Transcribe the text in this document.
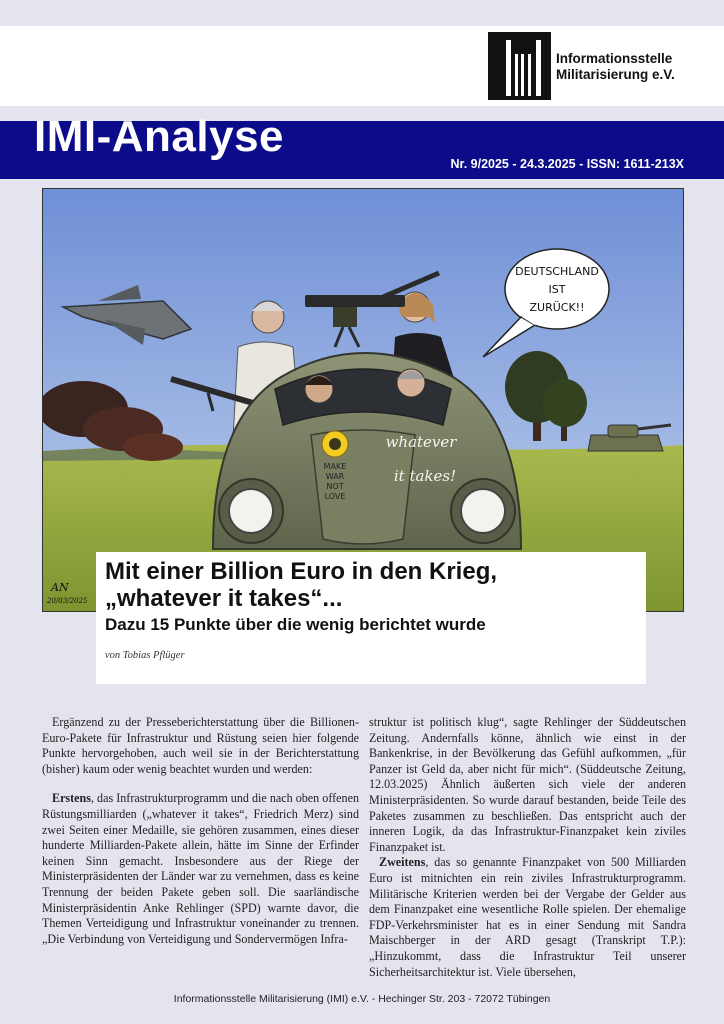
Informationsstelle
Militarisierung e.V.
IMI-Analyse
Nr. 9/2025 - 24.3.2025 - ISSN: 1611-213X
MAKE
WAR
NOT
LOVE
whatever
it takes!
DEUTSCHLAND
IST
ZURÜCK!!
AN
20/03/2025
Mit einer Billion Euro in den Krieg,
„whatever it takes“...
Dazu 15 Punkte über die wenig berichtet wurde
von Tobias Pflüger

Ergänzend zu der Presseberichterstattung über die Billionen-Euro-Pakete für Infrastruktur und Rüstung seien hier folgende Punkte hervorgehoben, auch weil sie in der Berichterstattung (bisher) kaum oder wenig beachtet wurden und werden:

Erstens, das Infrastrukturprogramm und die nach oben offenen Rüstungsmilliarden („whatever it takes“, Friedrich Merz) sind zwei Seiten einer Medaille, sie gehören zusammen, eines dieser hunderte Milliarden-Pakete allein, hätte im Sinne der Erfinder keinen Sinn gemacht. Insbesondere aus der Riege der Ministerpräsidenten der Länder war zu vernehmen, dass es keine Trennung der beiden Pakete geben soll. Die saarländische Ministerpräsidentin Anke Rehlinger (SPD) warnte davor, die Themen Verteidigung und Infrastruktur voneinander zu trennen. „Die Verbindung von Verteidigung und Sondervermögen Infra-

struktur ist politisch klug“, sagte Rehlinger der Süddeutschen Zeitung. Andernfalls könne, ähnlich wie einst in der Bankenkrise, in der Bevölkerung das Gefühl aufkommen, „für Panzer ist Geld da, aber nicht für mich“. (Süddeutsche Zeitung, 12.03.2025) Ähnlich äußerten sich viele der anderen Ministerpräsidenten. So wurde darauf bestanden, beide Teile des Paketes zusammen zu beschließen. Das entspricht auch der inneren Logik, da das Infrastruktur-Finanzpaket kein ziviles Finanzpaket ist.

Zweitens, das so genannte Finanzpaket von 500 Milliarden Euro ist mitnichten ein rein ziviles Infrastrukturprogramm. Militärische Kriterien werden bei der Vergabe der Gelder aus dem Finanzpaket eine wesentliche Rolle spielen. Der ehemalige FDP-Verkehrsminister hat es in einer Sendung mit Sandra Maischberger in der ARD gesagt (Transkript T.P.): „Hinzukommt, dass die Infrastruktur Teil unserer Sicherheitsarchitektur ist. Viele übersehen,

Informationsstelle Militarisierung (IMI) e.V. - Hechinger Str. 203 - 72072 Tübingen
